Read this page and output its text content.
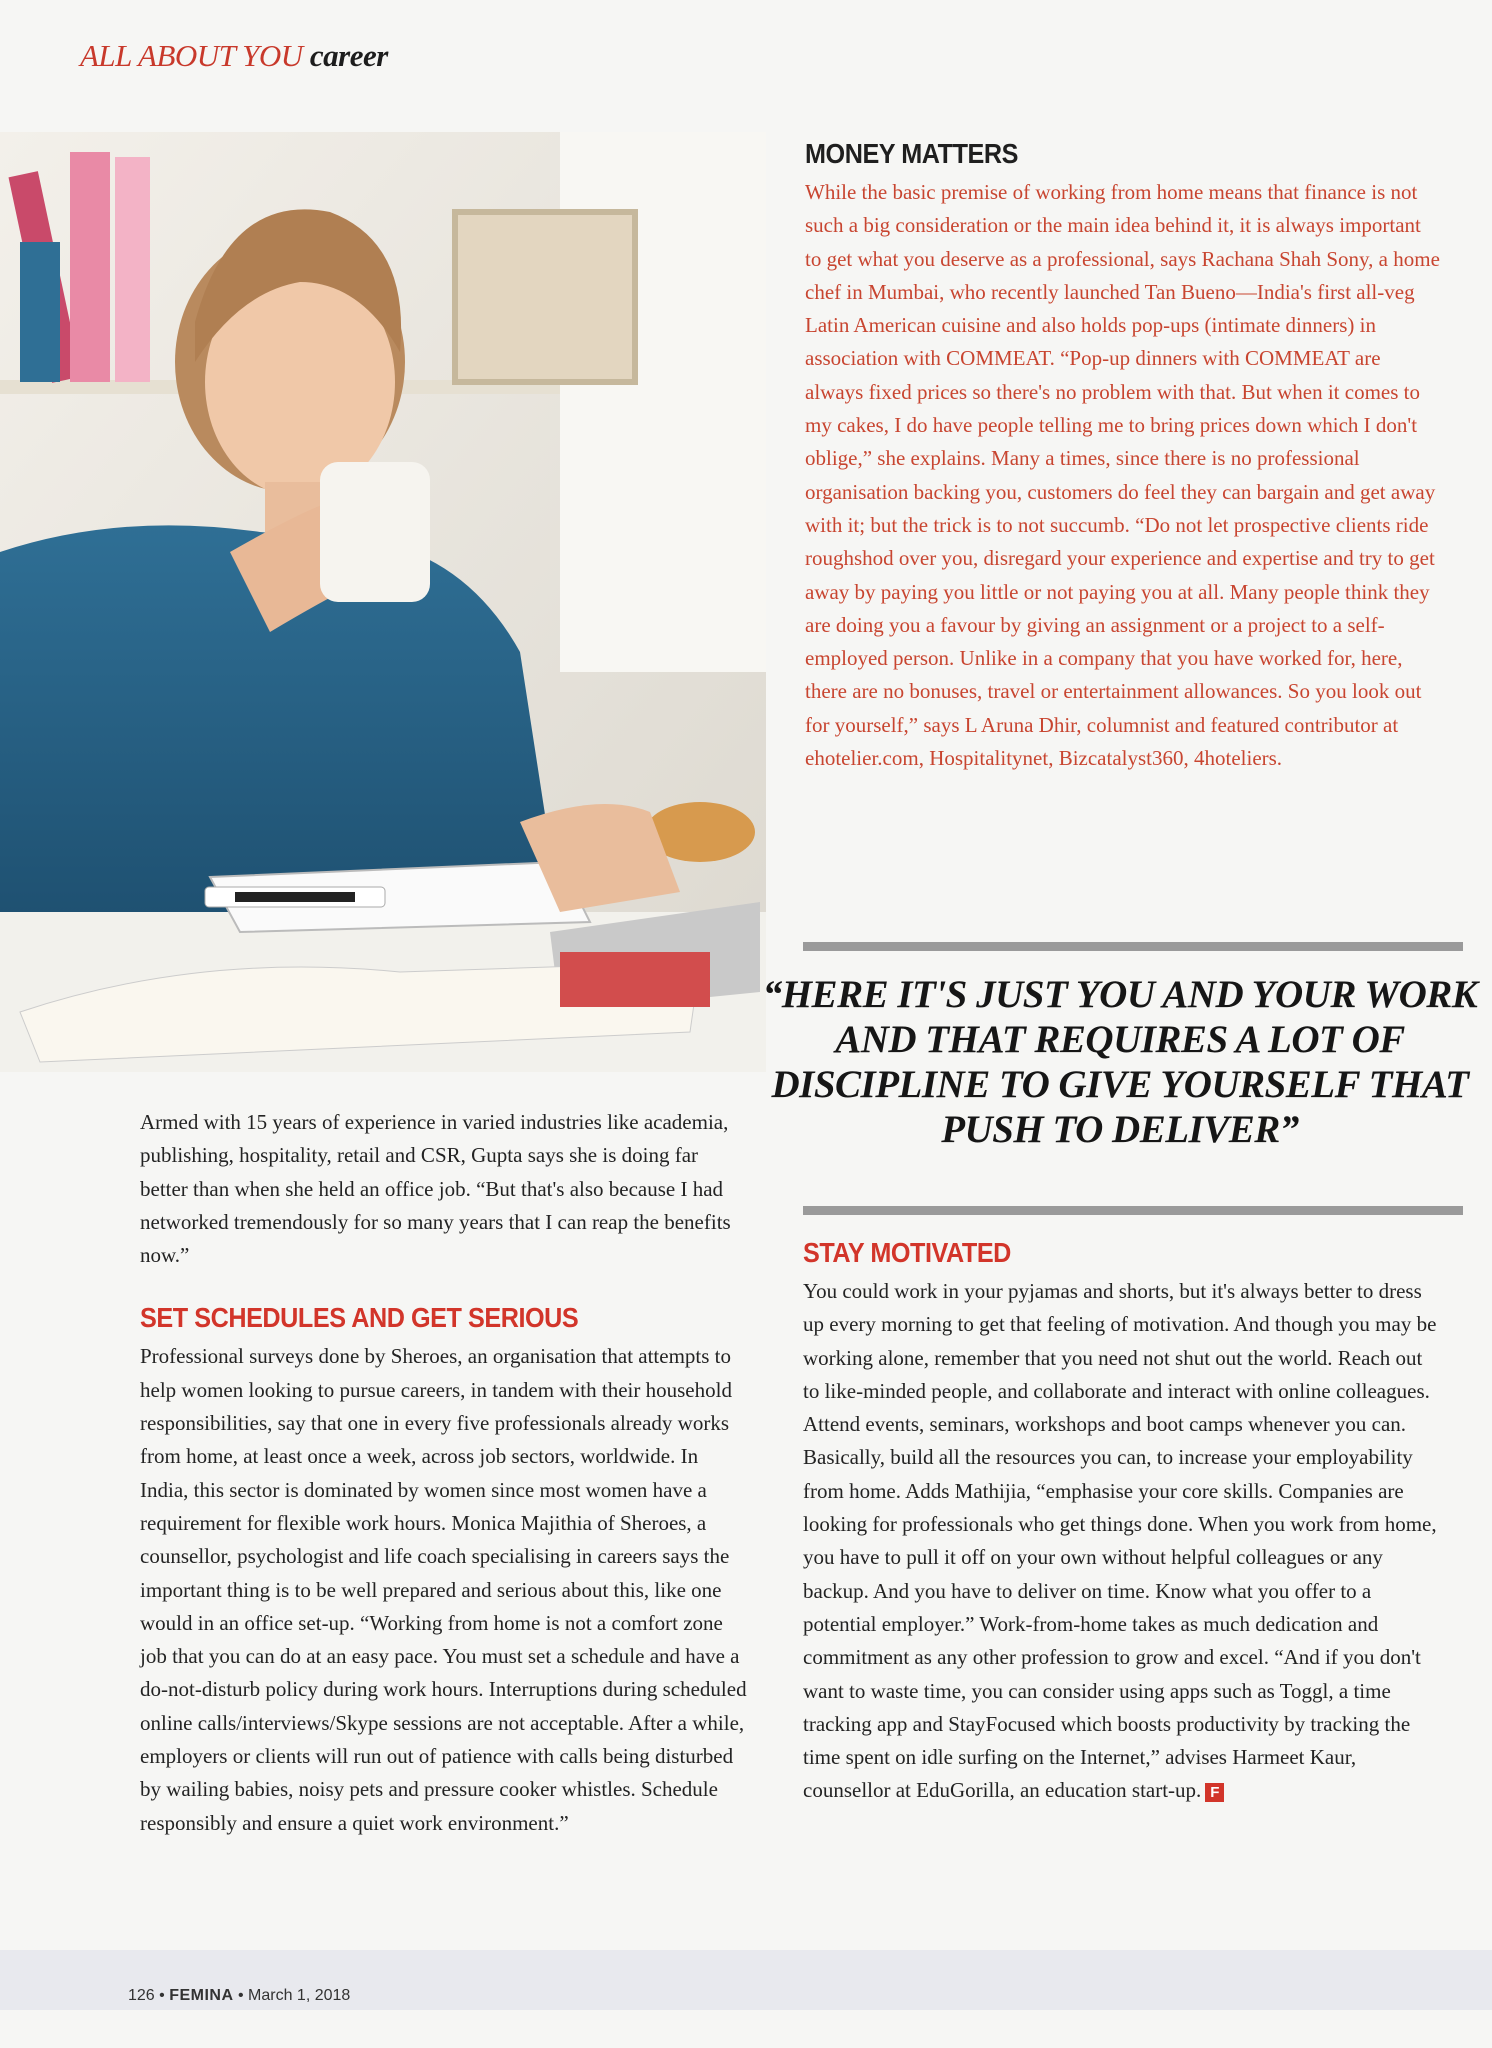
ALL ABOUT YOU career
MONEY MATTERS

While the basic premise of working from home means that finance is not such a big consideration or the main idea behind it, it is always important to get what you deserve as a professional, says Rachana Shah Sony, a home chef in Mumbai, who recently launched Tan Bueno—India's first all-veg Latin American cuisine and also holds pop-ups (intimate dinners) in association with COMMEAT. “Pop-up dinners with COMMEAT are always fixed prices so there's no problem with that. But when it comes to my cakes, I do have people telling me to bring prices down which I don't oblige,” she explains. Many a times, since there is no professional organisation backing you, customers do feel they can bargain and get away with it; but the trick is to not succumb. “Do not let prospective clients ride roughshod over you, disregard your experience and expertise and try to get away by paying you little or not paying you at all. Many people think they are doing you a favour by giving an assignment or a project to a self-employed person. Unlike in a company that you have worked for, here, there are no bonuses, travel or entertainment allowances. So you look out for yourself,” says L Aruna Dhir, columnist and featured contributor at ehotelier.com, Hospitalitynet, Bizcatalyst360, 4hoteliers.

“HERE IT'S JUST YOU AND YOUR WORK AND THAT REQUIRES A LOT OF DISCIPLINE TO GIVE YOURSELF THAT PUSH TO DELIVER”

Armed with 15 years of experience in varied industries like academia, publishing, hospitality, retail and CSR, Gupta says she is doing far better than when she held an office job. “But that's also because I had networked tremendously for so many years that I can reap the benefits now.”

SET SCHEDULES AND GET SERIOUS

Professional surveys done by Sheroes, an organisation that attempts to help women looking to pursue careers, in tandem with their household responsibilities, say that one in every five professionals already works from home, at least once a week, across job sectors, worldwide. In India, this sector is dominated by women since most women have a requirement for flexible work hours. Monica Majithia of Sheroes, a counsellor, psychologist and life coach specialising in careers says the important thing is to be well prepared and serious about this, like one would in an office set-up. “Working from home is not a comfort zone job that you can do at an easy pace. You must set a schedule and have a do-not-disturb policy during work hours. Interruptions during scheduled online calls/interviews/Skype sessions are not acceptable. After a while, employers or clients will run out of patience with calls being disturbed by wailing babies, noisy pets and pressure cooker whistles. Schedule responsibly and ensure a quiet work environment.”

STAY MOTIVATED

You could work in your pyjamas and shorts, but it's always better to dress up every morning to get that feeling of motivation. And though you may be working alone, remember that you need not shut out the world. Reach out to like-minded people, and collaborate and interact with online colleagues. Attend events, seminars, workshops and boot camps whenever you can. Basically, build all the resources you can, to increase your employability from home. Adds Mathijia, “emphasise your core skills. Companies are looking for professionals who get things done. When you work from home, you have to pull it off on your own without helpful colleagues or any backup. And you have to deliver on time. Know what you offer to a potential employer.” Work-from-home takes as much dedication and commitment as any other profession to grow and excel. “And if you don't want to waste time, you can consider using apps such as Toggl, a time tracking app and StayFocused which boosts productivity by tracking the time spent on idle surfing on the Internet,” advises Harmeet Kaur, counsellor at EduGorilla, an education start-up. F

126 • FEMINA • March 1, 2018
